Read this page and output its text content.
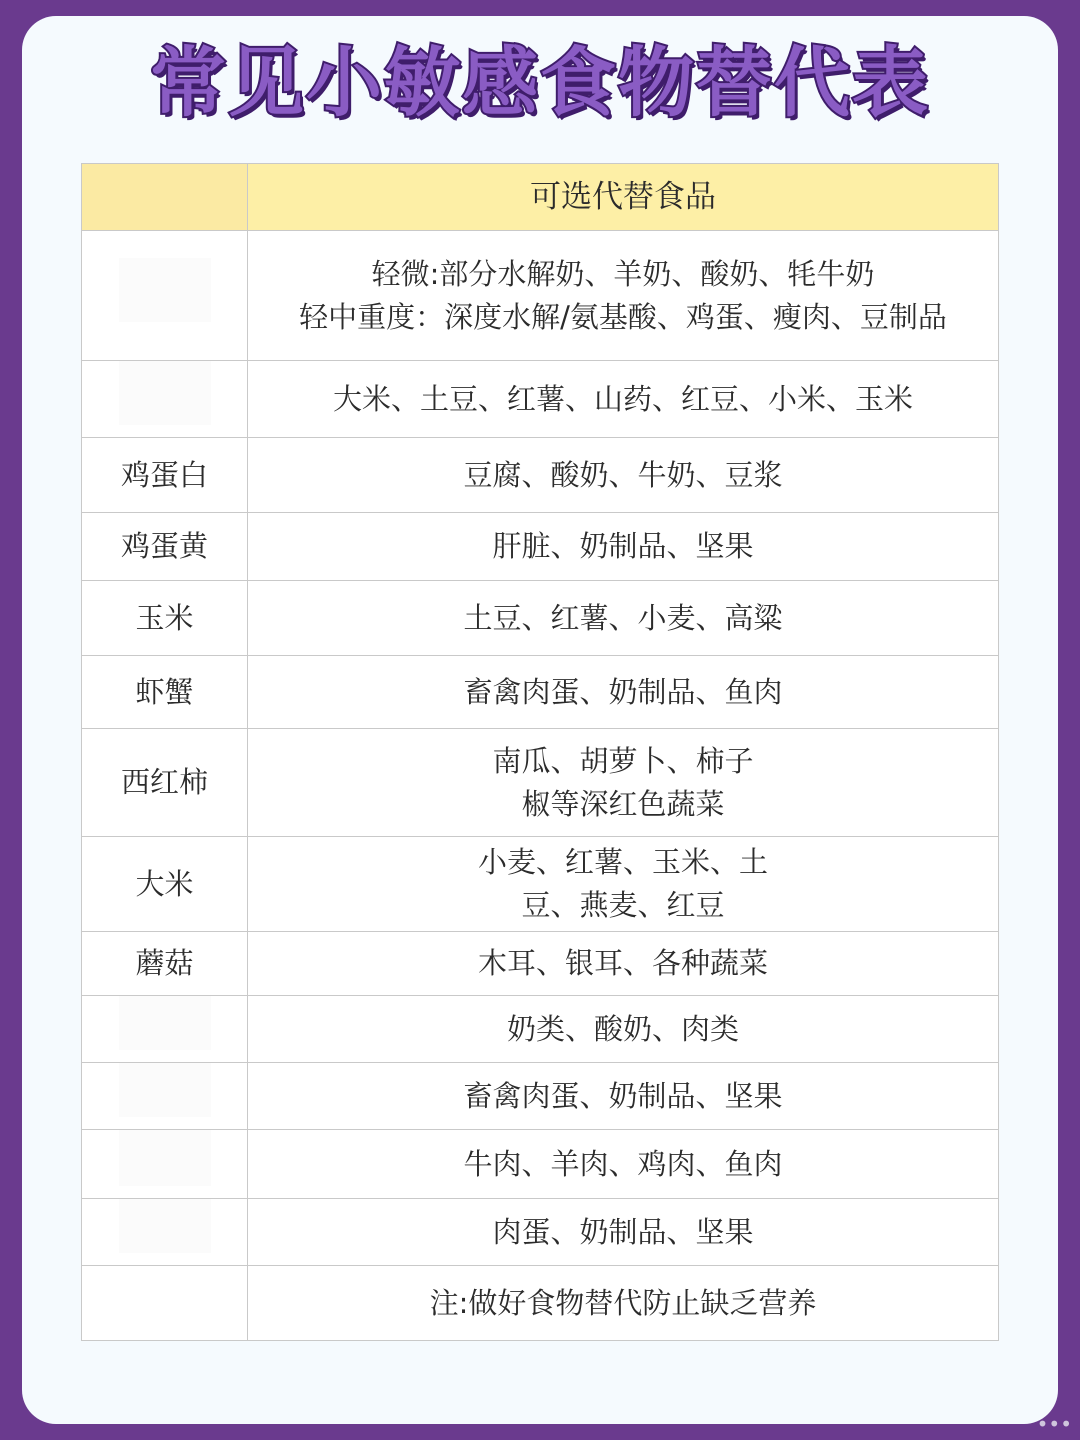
常见小敏感食物替代表
	可选代替食品

	轻微:部分水解奶、羊奶、酸奶、牦牛奶
轻中重度：深度水解/氨基酸、鸡蛋、瘦肉、豆制品

	大米、土豆、红薯、山药、红豆、小米、玉米
鸡蛋白	豆腐、酸奶、牛奶、豆浆
鸡蛋黄	肝脏、奶制品、坚果
玉米	土豆、红薯、小麦、高粱
虾蟹	畜禽肉蛋、奶制品、鱼肉
西红柿	南瓜、胡萝卜、柿子
椒等深红色蔬菜

大米	小麦、红薯、玉米、土
豆、燕麦、红豆

蘑菇	木耳、银耳、各种蔬菜
	奶类、酸奶、肉类
	畜禽肉蛋、奶制品、坚果
	牛肉、羊肉、鸡肉、鱼肉
	肉蛋、奶制品、坚果
	注:做好食物替代防止缺乏营养
•••
